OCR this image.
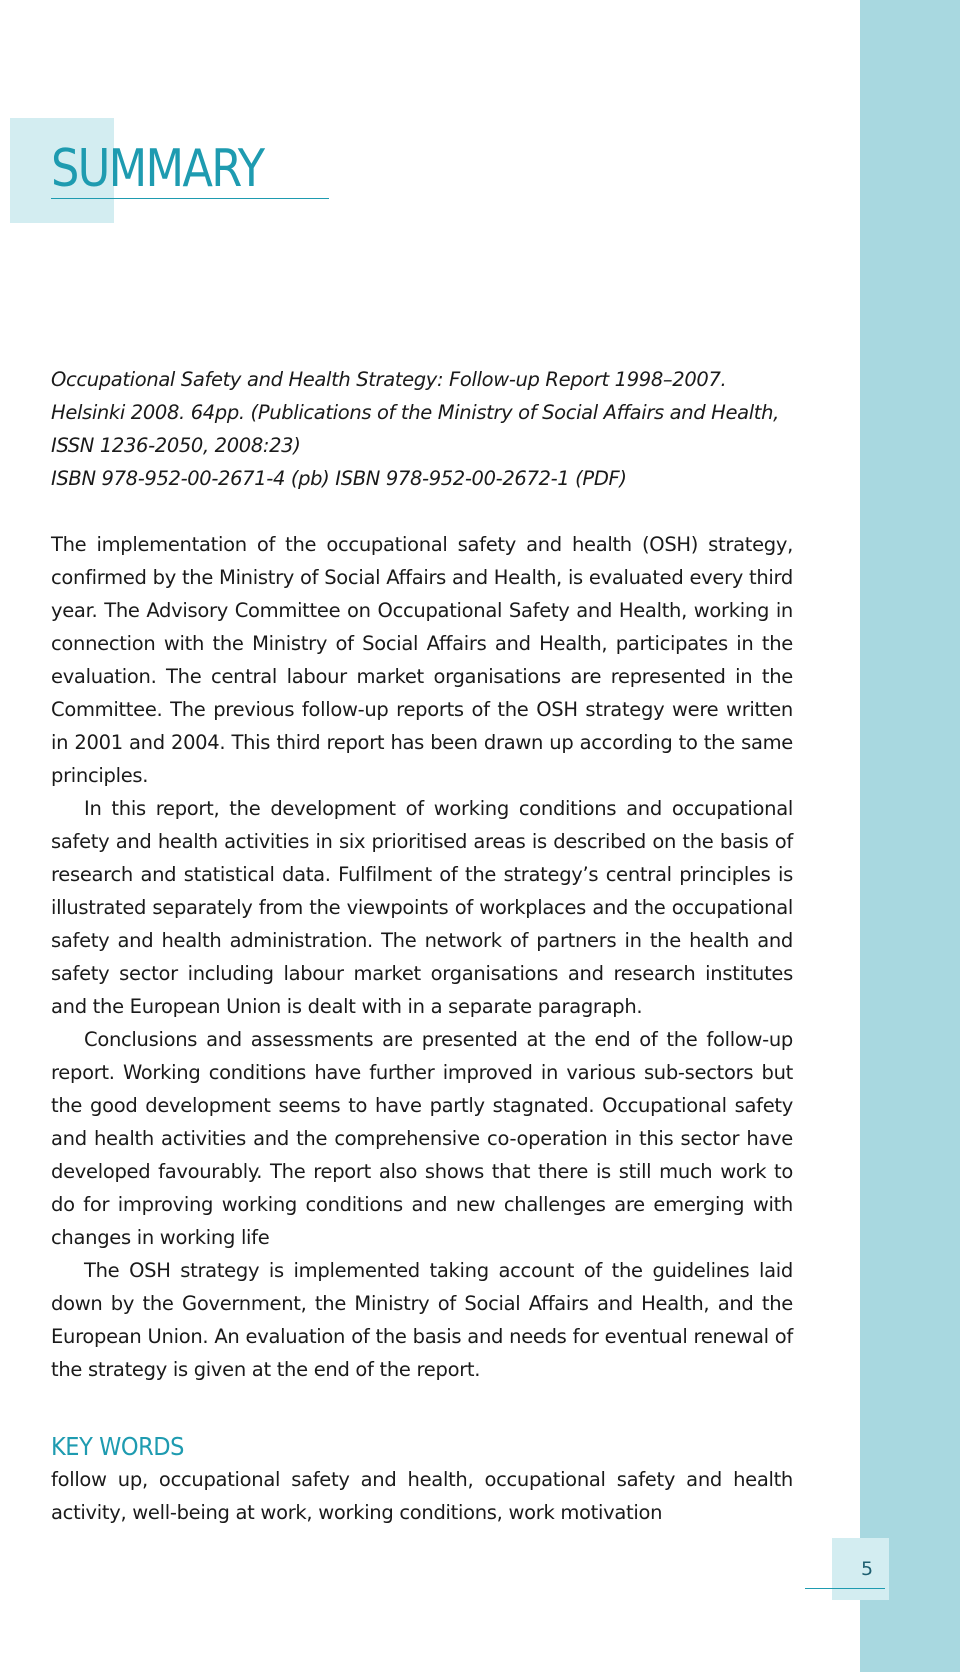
SUMMARY

Occupational Safety and Health Strategy: Follow-up Report 1998–2007.
Helsinki 2008. 64pp. (Publications of the Ministry of Social Affairs and Health,
ISSN 1236-2050, 2008:23)
ISBN 978-952-00-2671-4 (pb) ISBN 978-952-00-2672-1 (PDF)

The implementation of the occupational safety and health (OSH) strategy, confirmed by the Ministry of Social Affairs and Health, is evaluated every third year. The Advisory Committee on Occupational Safety and Health, working in connection with the Ministry of Social Affairs and Health, participates in the evaluation. The central labour market organisations are represented in the Committee. The previous follow-up reports of the OSH strategy were written in 2001 and 2004. This third report has been drawn up according to the same principles.

In this report, the development of working conditions and occupational safety and health activities in six prioritised areas is described on the basis of research and statistical data. Fulfilment of the strategy’s central principles is illustrated separately from the viewpoints of workplaces and the occupational safety and health administration. The network of partners in the health and safety sector including labour market organisations and research institutes and the European Union is dealt with in a separate paragraph.

Conclusions and assessments are presented at the end of the follow-up report. Working conditions have further improved in various sub-sectors but the good development seems to have partly stagnated. Occupational safety and health activities and the comprehensive co-operation in this sector have developed favourably. The report also shows that there is still much work to do for improving working conditions and new challenges are emerging with changes in working life

The OSH strategy is implemented taking account of the guidelines laid down by the Government, the Ministry of Social Affairs and Health, and the European Union. An evaluation of the basis and needs for eventual renewal of the strategy is given at the end of the report.

KEY WORDS

follow up, occupational safety and health, occupational safety and health activity, well-being at work, working conditions, work motivation

5
